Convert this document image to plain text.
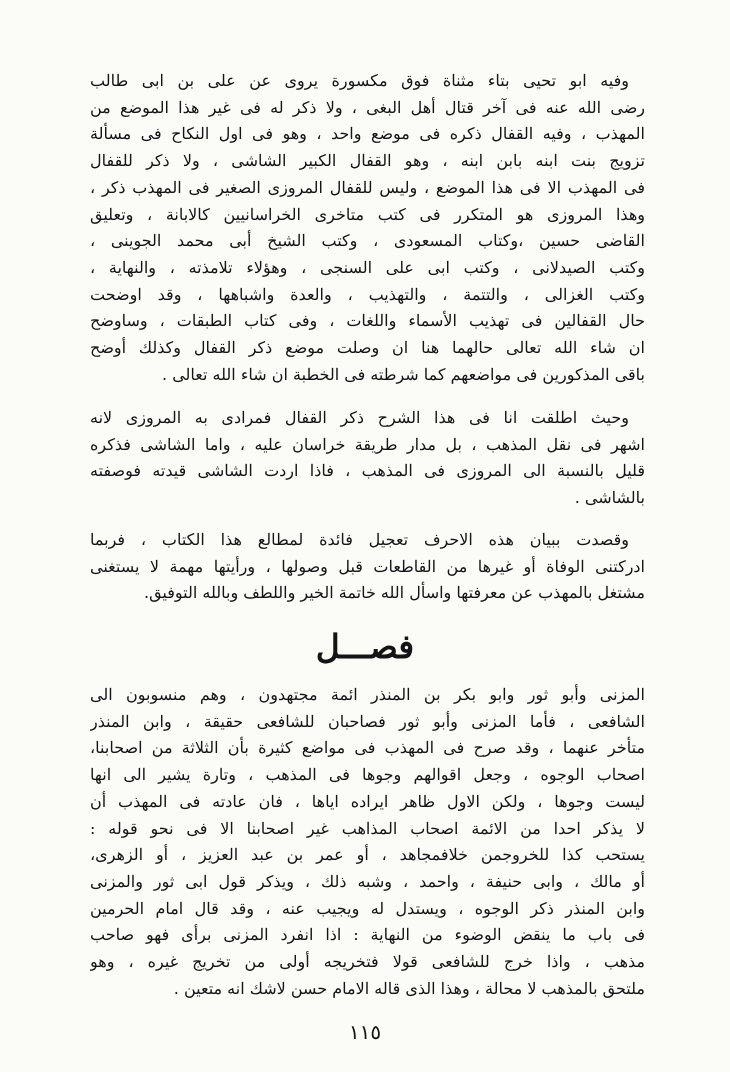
وفيه ابو تحيى بتاء مثناة فوق مكسورة يروى عن على بن ابى طالب
رضى الله عنه فى آخر قتال أهل البغى ، ولا ذكر له فى غير هذا الموضع من
المهذب ، وفيه القفال ذكره فى موضع واحد ، وهو فى اول النكاح فى مسألة
تزويج بنت ابنه بابن ابنه ، وهو القفال الكبير الشاشى ، ولا ذكر للقفال
فى المهذب الا فى هذا الموضع ، وليس للقفال المروزى الصغير فى المهذب ذكر ،
وهذا المروزى هو المتكرر فى كتب متاخرى الخراسانيين كالابانة ، وتعليق
القاضى حسين ،وكتاب المسعودى ، وكتب الشيخ أبى محمد الجوينى ،
وكتب الصيدلانى ، وكتب ابى على السنجى ، وهؤلاء تلامذته ، والنهاية ،
وكتب الغزالى ، والتتمة ، والتهذيب ، والعدة واشباهها ، وقد اوضحت
حال القفالين فى تهذيب الأسماء واللغات ، وفى كتاب الطبقات ، وساوضح
ان شاء الله تعالى حالهما هنا ان وصلت موضع ذكر القفال وكذلك أوضح
باقى المذكورين فى مواضعهم كما شرطته فى الخطبة ان شاء الله تعالى .
وحيث اطلقت انا فى هذا الشرح ذكر القفال فمرادى به المروزى لانه
اشهر فى نقل المذهب ، بل مدار طريقة خراسان عليه ، واما الشاشى فذكره
قليل بالنسبة الى المروزى فى المذهب ، فاذا اردت الشاشى قيدته فوصفته
بالشاشى .
وقصدت ببيان هذه الاحرف تعجيل فائدة لمطالع هذا الكتاب ، فربما
ادركتنى الوفاة أو غيرها من القاطعات قبل وصولها ، ورأيتها مهمة لا يستغنى
مشتغل بالمهذب عن معرفتها واسأل الله خاتمة الخير واللطف وبالله التوفيق.
فصـــل
المزنى وأبو ثور وابو بكر بن المنذر ائمة مجتهدون ، وهم منسوبون الى
الشافعى ، فأما المزنى وأبو ثور فصاحبان للشافعى حقيقة ، وابن المنذر
متأخر عنهما ، وقد صرح فى المهذب فى مواضع كثيرة بأن الثلاثة من اصحابنا،
اصحاب الوجوه ، وجعل اقوالهم وجوها فى المذهب ، وتارة يشير الى انها
ليست وجوها ، ولكن الاول ظاهر ايراده اياها ، فان عادته فى المهذب أن
لا يذكر احدا من الائمة اصحاب المذاهب غير اصحابنا الا فى نحو قوله :
يستحب كذا للخروجمن خلافمجاهد ، أو عمر بن عبد العزيز ، أو الزهرى،
أو مالك ، وابى حنيفة ، واحمد ، وشبه ذلك ، ويذكر قول ابى ثور والمزنى
وابن المنذر ذكر الوجوه ، ويستدل له ويجيب عنه ، وقد قال امام الحرمين
فى باب ما ينقض الوضوء من النهاية : اذا انفرد المزنى برأى فهو صاحب
مذهب ، واذا خرج للشافعى قولا فتخريجه أولى من تخريج غيره ، وهو
ملتحق بالمذهب لا محالة ، وهذا الذى قاله الامام حسن لاشك انه متعين .
١١٥
